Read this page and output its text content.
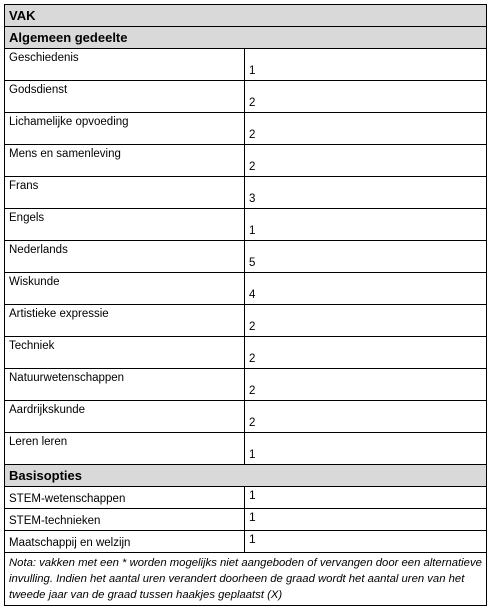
VAK	
Algemeen gedeelte	
Geschiedenis	1
Godsdienst	2
Lichamelijke opvoeding	2
Mens en samenleving	2
Frans	3
Engels	1
Nederlands	5
Wiskunde	4
Artistieke expressie	2
Techniek	2
Natuurwetenschappen	2
Aardrijkskunde	2
Leren leren	1
Basisopties	
STEM-wetenschappen	1
STEM-technieken	1
Maatschappij en welzijn	1
Nota: vakken met een * worden mogelijks niet aangeboden of vervangen door een alternatieve invulling. Indien het aantal uren verandert doorheen de graad wordt het aantal uren van het tweede jaar van de graad tussen haakjes geplaatst (X)	
